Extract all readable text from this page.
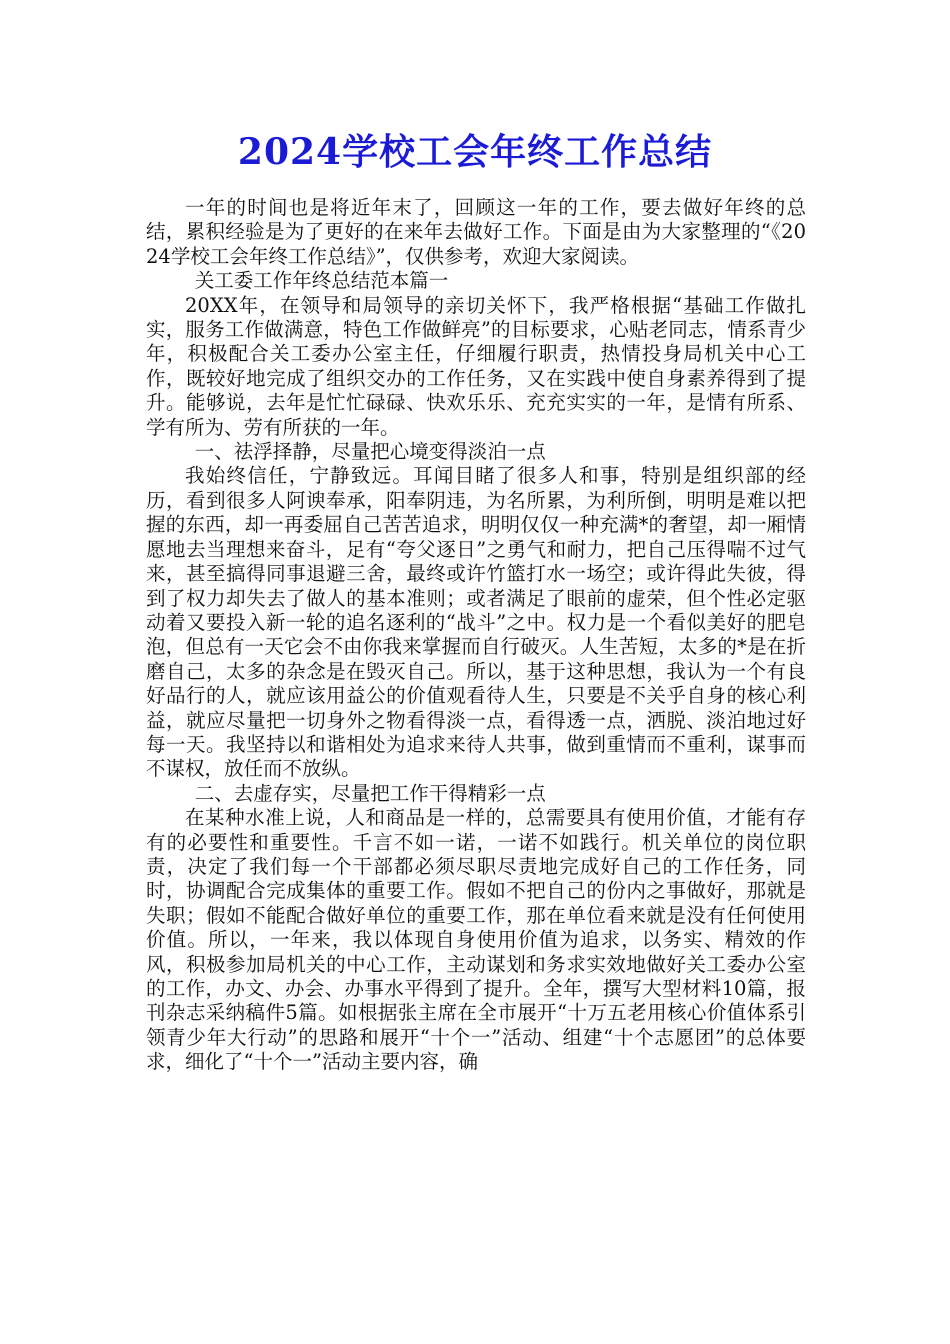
2024学校工会年终工作总结

一年的时间也是将近年末了，回顾这一年的工作，要去做好年终的总结，累积经验是为了更好的在来年去做好工作。下面是由为大家整理的“《2024学校工会年终工作总结》”，仅供参考，欢迎大家阅读。

关工委工作年终总结范本篇一

20XX年，在领导和局领导的亲切关怀下，我严格根据“基础工作做扎实，服务工作做满意，特色工作做鲜亮”的目标要求，心贴老同志，情系青少年，积极配合关工委办公室主任，仔细履行职责，热情投身局机关中心工作，既较好地完成了组织交办的工作任务，又在实践中使自身素养得到了提升。能够说，去年是忙忙碌碌、快欢乐乐、充充实实的一年，是情有所系、学有所为、劳有所获的一年。

一、祛浮择静，尽量把心境变得淡泊一点

我始终信任，宁静致远。耳闻目睹了很多人和事，特别是组织部的经历，看到很多人阿谀奉承，阳奉阴违，为名所累，为利所倒，明明是难以把握的东西，却一再委屈自己苦苦追求，明明仅仅一种充满*的奢望，却一厢情愿地去当理想来奋斗，足有“夸父逐日”之勇气和耐力，把自己压得喘不过气来，甚至搞得同事退避三舍，最终或许竹篮打水一场空；或许得此失彼，得到了权力却失去了做人的基本准则；或者满足了眼前的虚荣，但个性必定驱动着又要投入新一轮的追名逐利的“战斗”之中。权力是一个看似美好的肥皂泡，但总有一天它会不由你我来掌握而自行破灭。人生苦短，太多的*是在折磨自己，太多的杂念是在毁灭自己。所以，基于这种思想，我认为一个有良好品行的人，就应该用益公的价值观看待人生，只要是不关乎自身的核心利益，就应尽量把一切身外之物看得淡一点，看得透一点，洒脱、淡泊地过好每一天。我坚持以和谐相处为追求来待人共事，做到重情而不重利，谋事而不谋权，放任而不放纵。

二、去虚存实，尽量把工作干得精彩一点

在某种水准上说，人和商品是一样的，总需要具有使用价值，才能有存有的必要性和重要性。千言不如一诺，一诺不如践行。机关单位的岗位职责，决定了我们每一个干部都必须尽职尽责地完成好自己的工作任务，同时，协调配合完成集体的重要工作。假如不把自己的份内之事做好，那就是失职；假如不能配合做好单位的重要工作，那在单位看来就是没有任何使用价值。所以，一年来，我以体现自身使用价值为追求，以务实、精效的作风，积极参加局机关的中心工作，主动谋划和务求实效地做好关工委办公室的工作，办文、办会、办事水平得到了提升。全年，撰写大型材料10篇，报刊杂志采纳稿件5篇。如根据张主席在全市展开“十万五老用核心价值体系引领青少年大行动”的思路和展开“十个一”活动、组建“十个志愿团”的总体要求，细化了“十个一”活动主要内容，确
